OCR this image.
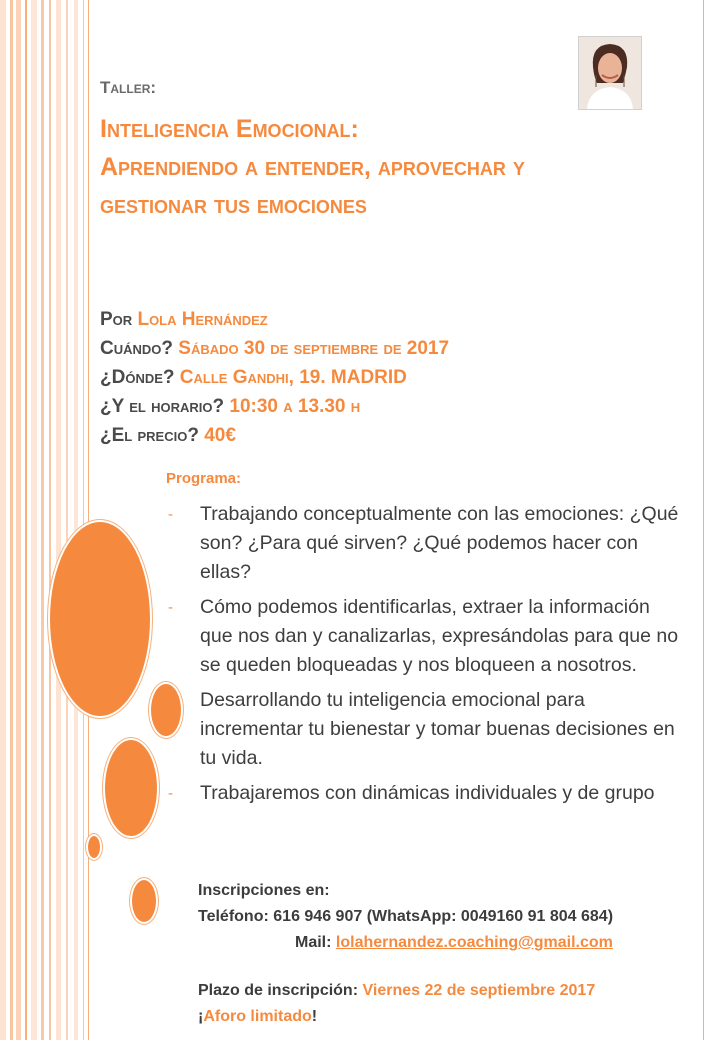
Taller:
Inteligencia Emocional:
Aprendiendo a entender, aprovechar y
gestionar tus emociones
Por Lola Hernández
Cuándo? Sábado 30 de septiembre de 2017
¿Dónde? Calle Gandhi, 19. MADRID
¿Y el horario? 10:30 a 13.30 h
¿El precio? 40€
Programa:
- Trabajando conceptualmente con las emociones: ¿Qué son? ¿Para qué sirven? ¿Qué podemos hacer con ellas?
- Cómo podemos identificarlas, extraer la información que nos dan y canalizarlas, expresándolas para que no se queden bloqueadas y nos bloqueen a nosotros.
- Desarrollando tu inteligencia emocional para incrementar tu bienestar y tomar buenas decisiones en tu vida.
- Trabajaremos con dinámicas individuales y de grupo
Inscripciones en:
Teléfono: 616 946 907 (WhatsApp: 0049160 91 804 684)
Mail: lolahernandez.coaching@gmail.com
Plazo de inscripción: Viernes 22 de septiembre 2017
¡Aforo limitado!
